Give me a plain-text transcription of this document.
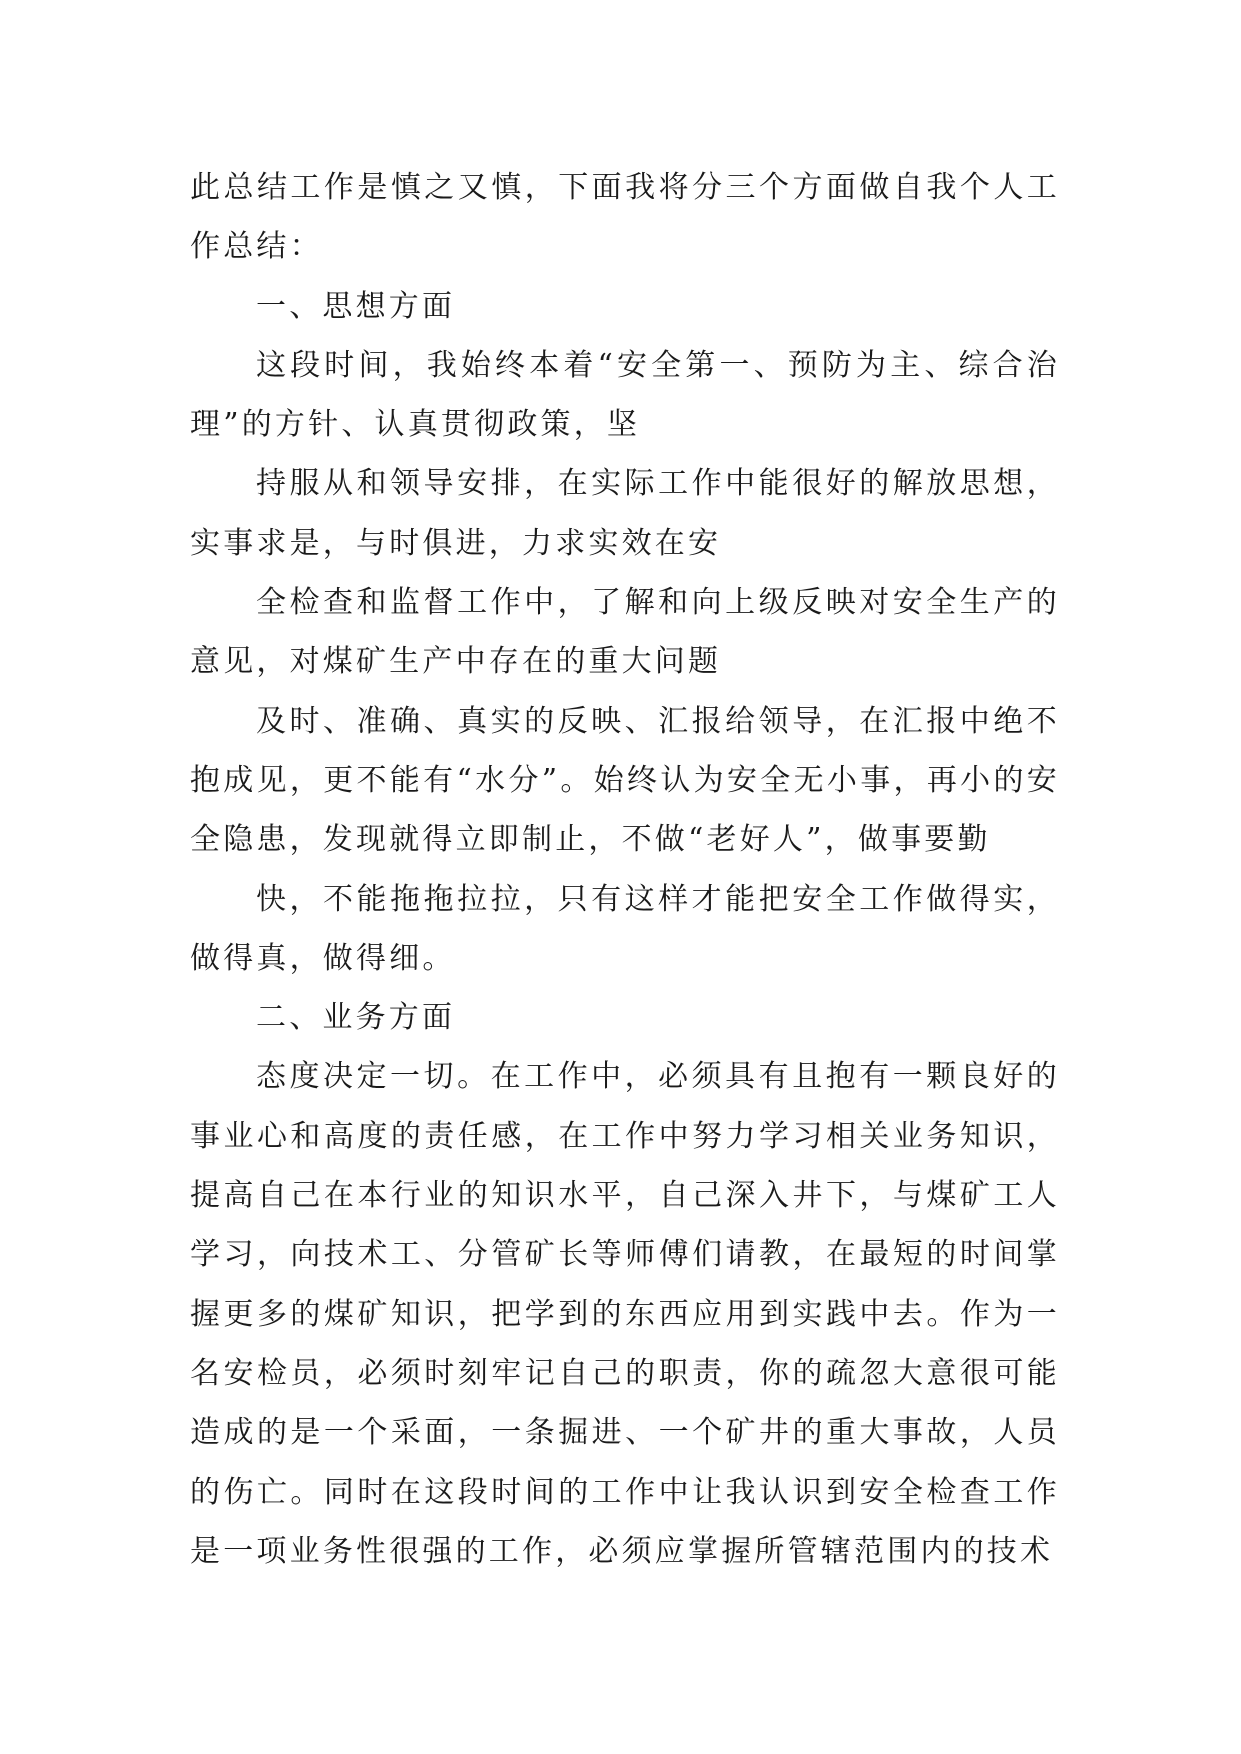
此总结工作是慎之又慎，下面我将分三个方面做自我个人工作总结：

一、思想方面

这段时间，我始终本着“安全第一、预防为主、综合治理”的方针、认真贯彻政策，坚

持服从和领导安排，在实际工作中能很好的解放思想，实事求是，与时俱进，力求实效在安

全检查和监督工作中，了解和向上级反映对安全生产的意见，对煤矿生产中存在的重大问题

及时、准确、真实的反映、汇报给领导，在汇报中绝不抱成见，更不能有“水分”。始终认为安全无小事，再小的安全隐患，发现就得立即制止，不做“老好人”，做事要勤

快，不能拖拖拉拉，只有这样才能把安全工作做得实，做得真，做得细。

二、业务方面

态度决定一切。在工作中，必须具有且抱有一颗良好的事业心和高度的责任感，在工作中努力学习相关业务知识，提高自己在本行业的知识水平，自己深入井下，与煤矿工人学习，向技术工、分管矿长等师傅们请教，在最短的时间掌握更多的煤矿知识，把学到的东西应用到实践中去。作为一名安检员，必须时刻牢记自己的职责，你的疏忽大意很可能造成的是一个采面，一条掘进、一个矿井的重大事故，人员的伤亡。同时在这段时间的工作中让我认识到安全检查工作是一项业务性很强的工作，必须应掌握所管辖范围内的技术
